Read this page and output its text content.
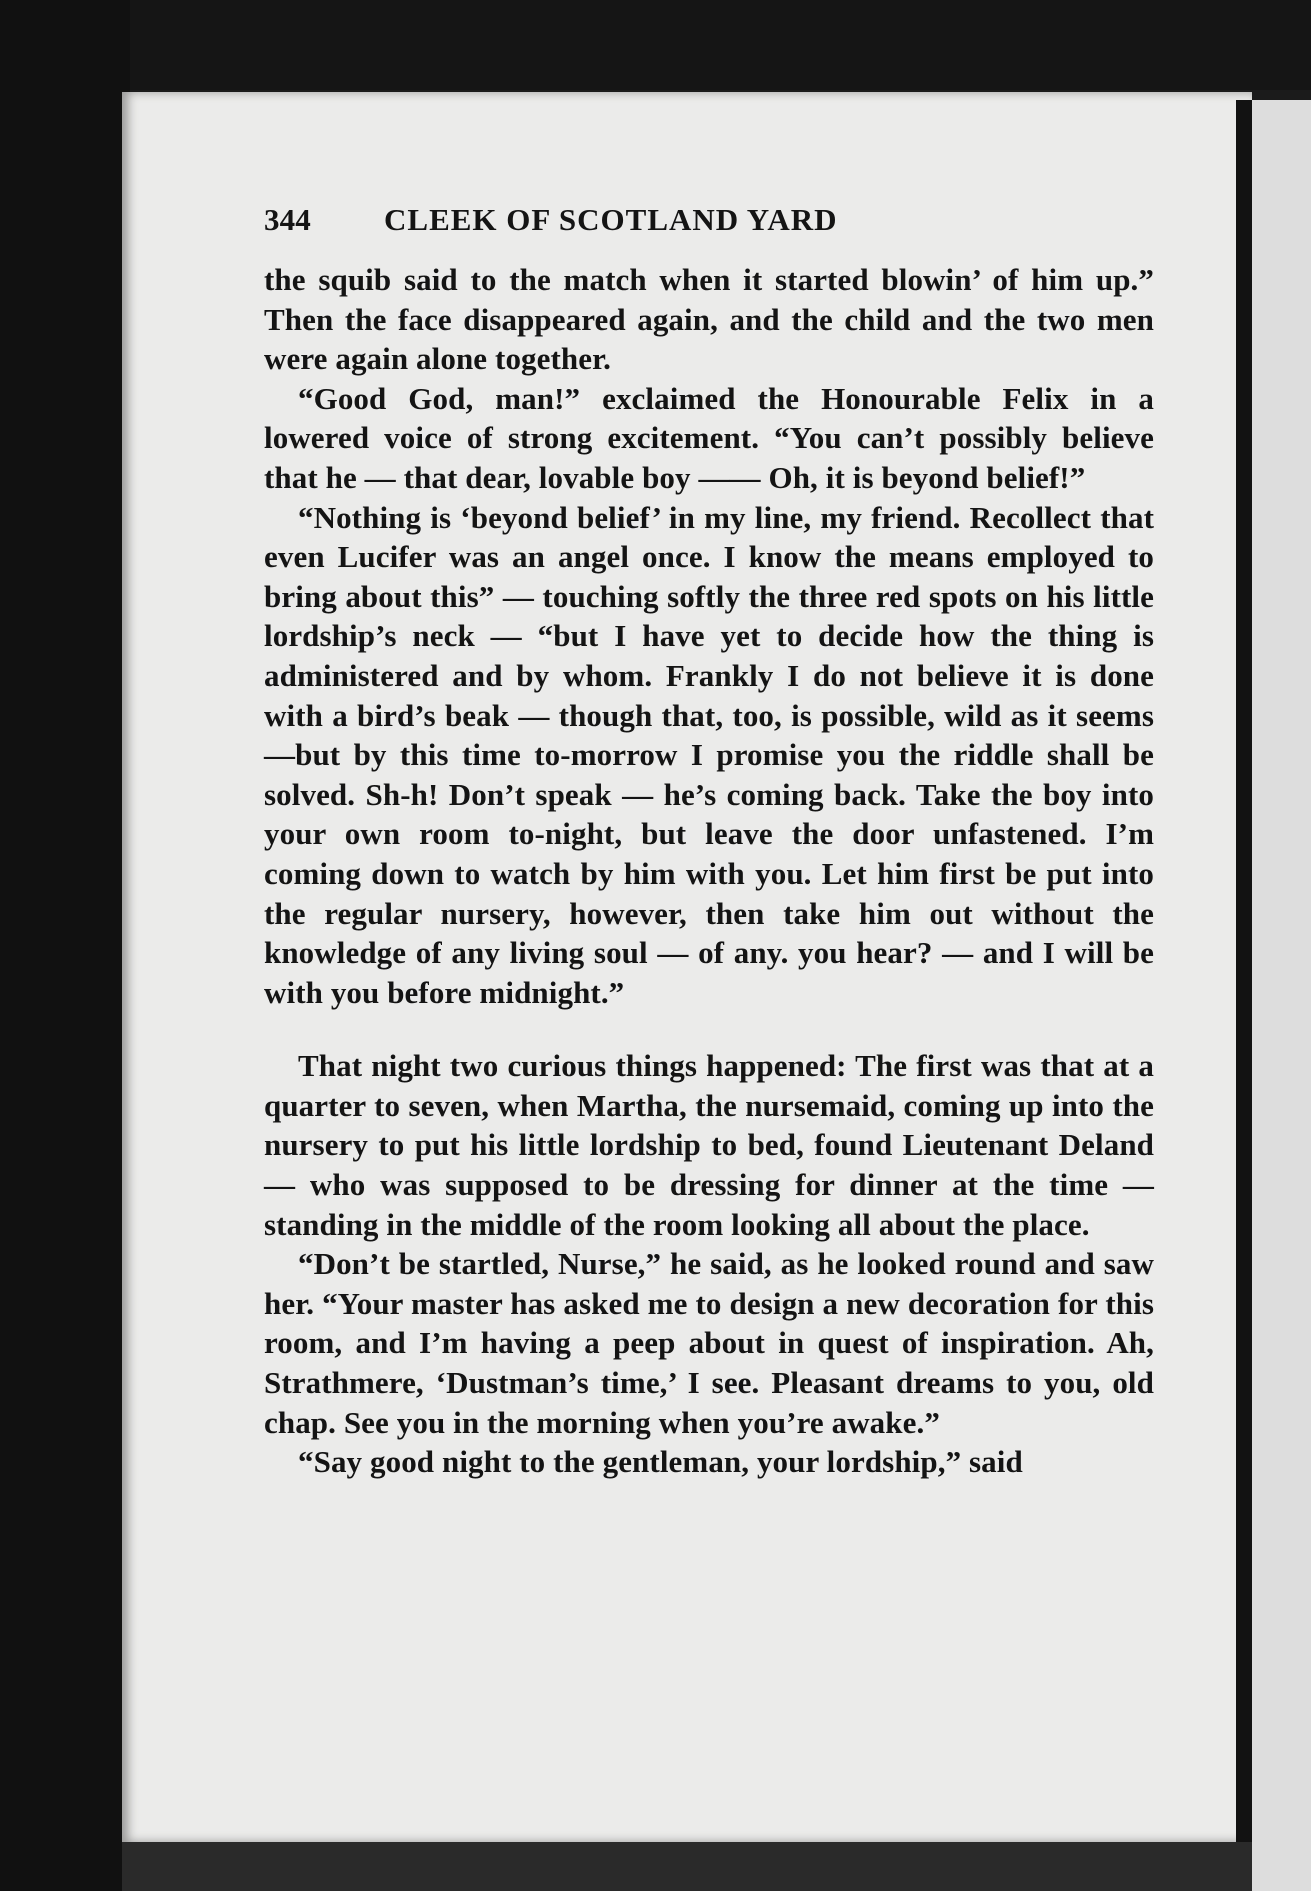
344	CLEEK OF SCOTLAND YARD

the squib said to the match when it started blowin’ of him up.” Then the face disappeared again, and the child and the two men were again alone together.

“Good God, man!” exclaimed the Honourable Felix in a lowered voice of strong excitement. “You can’t possibly believe that he — that dear, lovable boy —— Oh, it is beyond belief!”

“Nothing is ‘beyond belief’ in my line, my friend. Recollect that even Lucifer was an angel once. I know the means employed to bring about this” — touching softly the three red spots on his little lordship’s neck — “but I have yet to decide how the thing is administered and by whom. Frankly I do not believe it is done with a bird’s beak — though that, too, is possible, wild as it seems —but by this time to-morrow I promise you the riddle shall be solved. Sh-h! Don’t speak — he’s coming back. Take the boy into your own room to-night, but leave the door unfastened. I’m coming down to watch by him with you. Let him first be put into the regular nursery, however, then take him out without the knowledge of any living soul — of any. you hear? — and I will be with you before midnight.”

That night two curious things happened: The first was that at a quarter to seven, when Martha, the nursemaid, coming up into the nursery to put his little lordship to bed, found Lieutenant Deland — who was supposed to be dressing for dinner at the time — standing in the middle of the room looking all about the place.

“Don’t be startled, Nurse,” he said, as he looked round and saw her. “Your master has asked me to design a new decoration for this room, and I’m having a peep about in quest of inspiration. Ah, Strathmere, ‘Dustman’s time,’ I see. Pleasant dreams to you, old chap. See you in the morning when you’re awake.”

“Say good night to the gentleman, your lordship,” said
